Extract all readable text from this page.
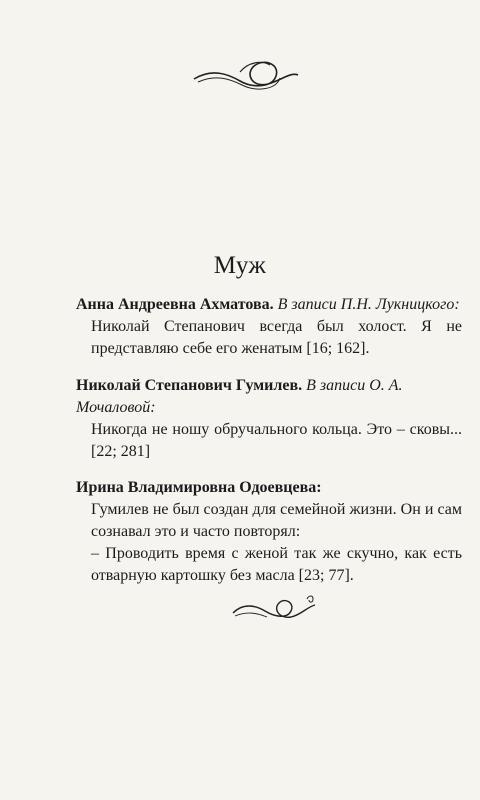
Муж
Анна Андреевна Ахматова. В записи П.Н. Лукницкого:

Николай Степанович всегда был холост. Я не представляю себе его женатым [16; 162].

Николай Степанович Гумилев. В записи О. А. Мочаловой:

Никогда не ношу обручального кольца. Это – сковы... [22; 281]

Ирина Владимировна Одоевцева:

Гумилев не был создан для семейной жизни. Он и сам сознавал это и часто повторял:

– Проводить время с женой так же скучно, как есть отварную картошку без масла [23; 77].
